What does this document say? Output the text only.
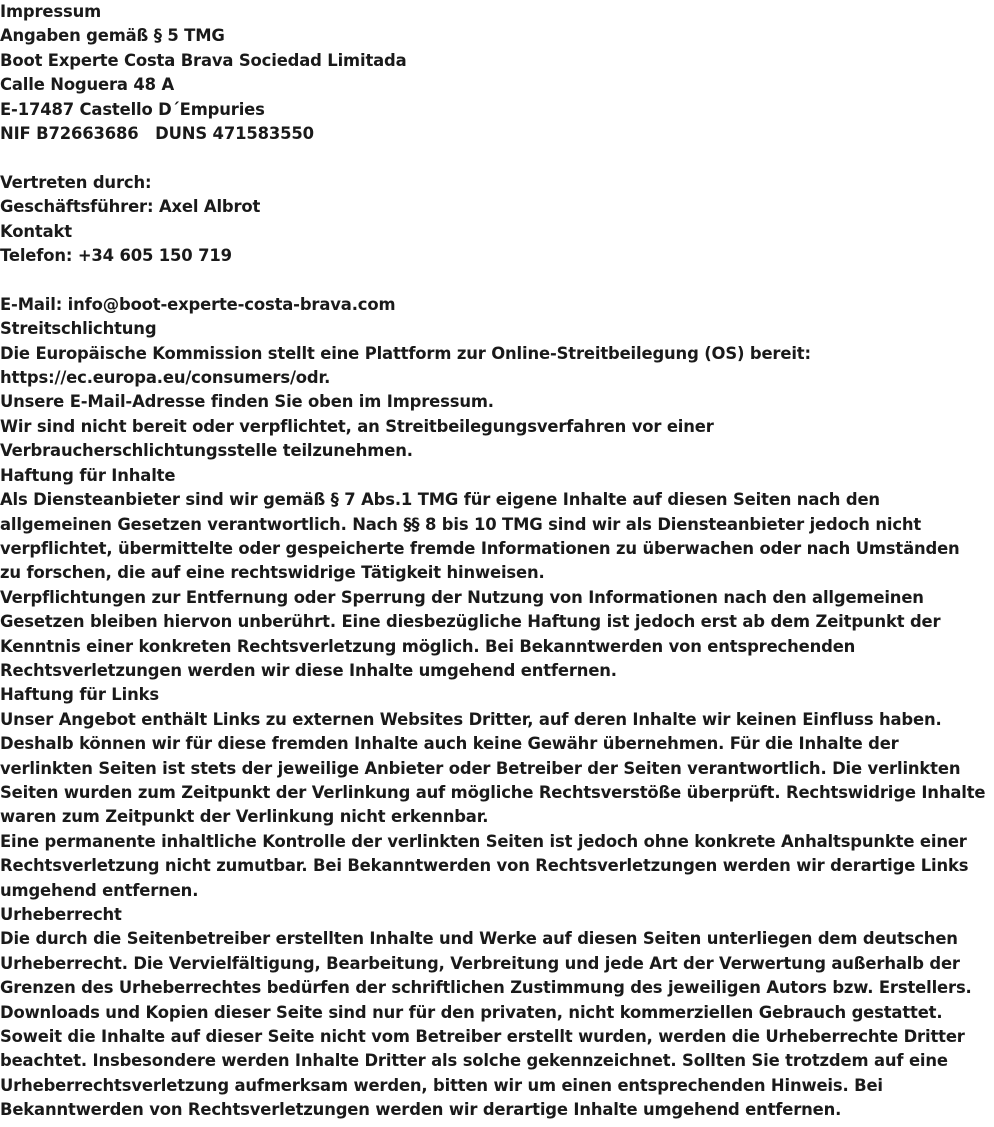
Impressum
Angaben gemäß § 5 TMG
Boot Experte Costa Brava Sociedad Limitada
Calle Noguera 48 A
E-17487 Castello D´Empuries
NIF B72663686   DUNS 471583550
Vertreten durch:
Geschäftsführer: Axel Albrot
Kontakt
Telefon: +34 605 150 719
E-Mail: info@boot-experte-costa-brava.com
Streitschlichtung
Die Europäische Kommission stellt eine Plattform zur Online-Streitbeilegung (OS) bereit:
https://ec.europa.eu/consumers/odr.
Unsere E-Mail-Adresse finden Sie oben im Impressum.
Wir sind nicht bereit oder verpflichtet, an Streitbeilegungsverfahren vor einer Verbraucherschlichtungsstelle teilzunehmen.
Haftung für Inhalte
Als Diensteanbieter sind wir gemäß § 7 Abs.1 TMG für eigene Inhalte auf diesen Seiten nach den allgemeinen Gesetzen verantwortlich. Nach §§ 8 bis 10 TMG sind wir als Diensteanbieter jedoch nicht verpflichtet, übermittelte oder gespeicherte fremde Informationen zu überwachen oder nach Umständen zu forschen, die auf eine rechtswidrige Tätigkeit hinweisen.
Verpflichtungen zur Entfernung oder Sperrung der Nutzung von Informationen nach den allgemeinen Gesetzen bleiben hiervon unberührt. Eine diesbezügliche Haftung ist jedoch erst ab dem Zeitpunkt der Kenntnis einer konkreten Rechtsverletzung möglich. Bei Bekanntwerden von entsprechenden Rechtsverletzungen werden wir diese Inhalte umgehend entfernen.
Haftung für Links
Unser Angebot enthält Links zu externen Websites Dritter, auf deren Inhalte wir keinen Einfluss haben. Deshalb können wir für diese fremden Inhalte auch keine Gewähr übernehmen. Für die Inhalte der verlinkten Seiten ist stets der jeweilige Anbieter oder Betreiber der Seiten verantwortlich. Die verlinkten Seiten wurden zum Zeitpunkt der Verlinkung auf mögliche Rechtsverstöße überprüft. Rechtswidrige Inhalte waren zum Zeitpunkt der Verlinkung nicht erkennbar.
Eine permanente inhaltliche Kontrolle der verlinkten Seiten ist jedoch ohne konkrete Anhaltspunkte einer Rechtsverletzung nicht zumutbar. Bei Bekanntwerden von Rechtsverletzungen werden wir derartige Links umgehend entfernen.
Urheberrecht
Die durch die Seitenbetreiber erstellten Inhalte und Werke auf diesen Seiten unterliegen dem deutschen Urheberrecht. Die Vervielfältigung, Bearbeitung, Verbreitung und jede Art der Verwertung außerhalb der Grenzen des Urheberrechtes bedürfen der schriftlichen Zustimmung des jeweiligen Autors bzw. Erstellers. Downloads und Kopien dieser Seite sind nur für den privaten, nicht kommerziellen Gebrauch gestattet.
Soweit die Inhalte auf dieser Seite nicht vom Betreiber erstellt wurden, werden die Urheberrechte Dritter beachtet. Insbesondere werden Inhalte Dritter als solche gekennzeichnet. Sollten Sie trotzdem auf eine Urheberrechtsverletzung aufmerksam werden, bitten wir um einen entsprechenden Hinweis. Bei Bekanntwerden von Rechtsverletzungen werden wir derartige Inhalte umgehend entfernen.
